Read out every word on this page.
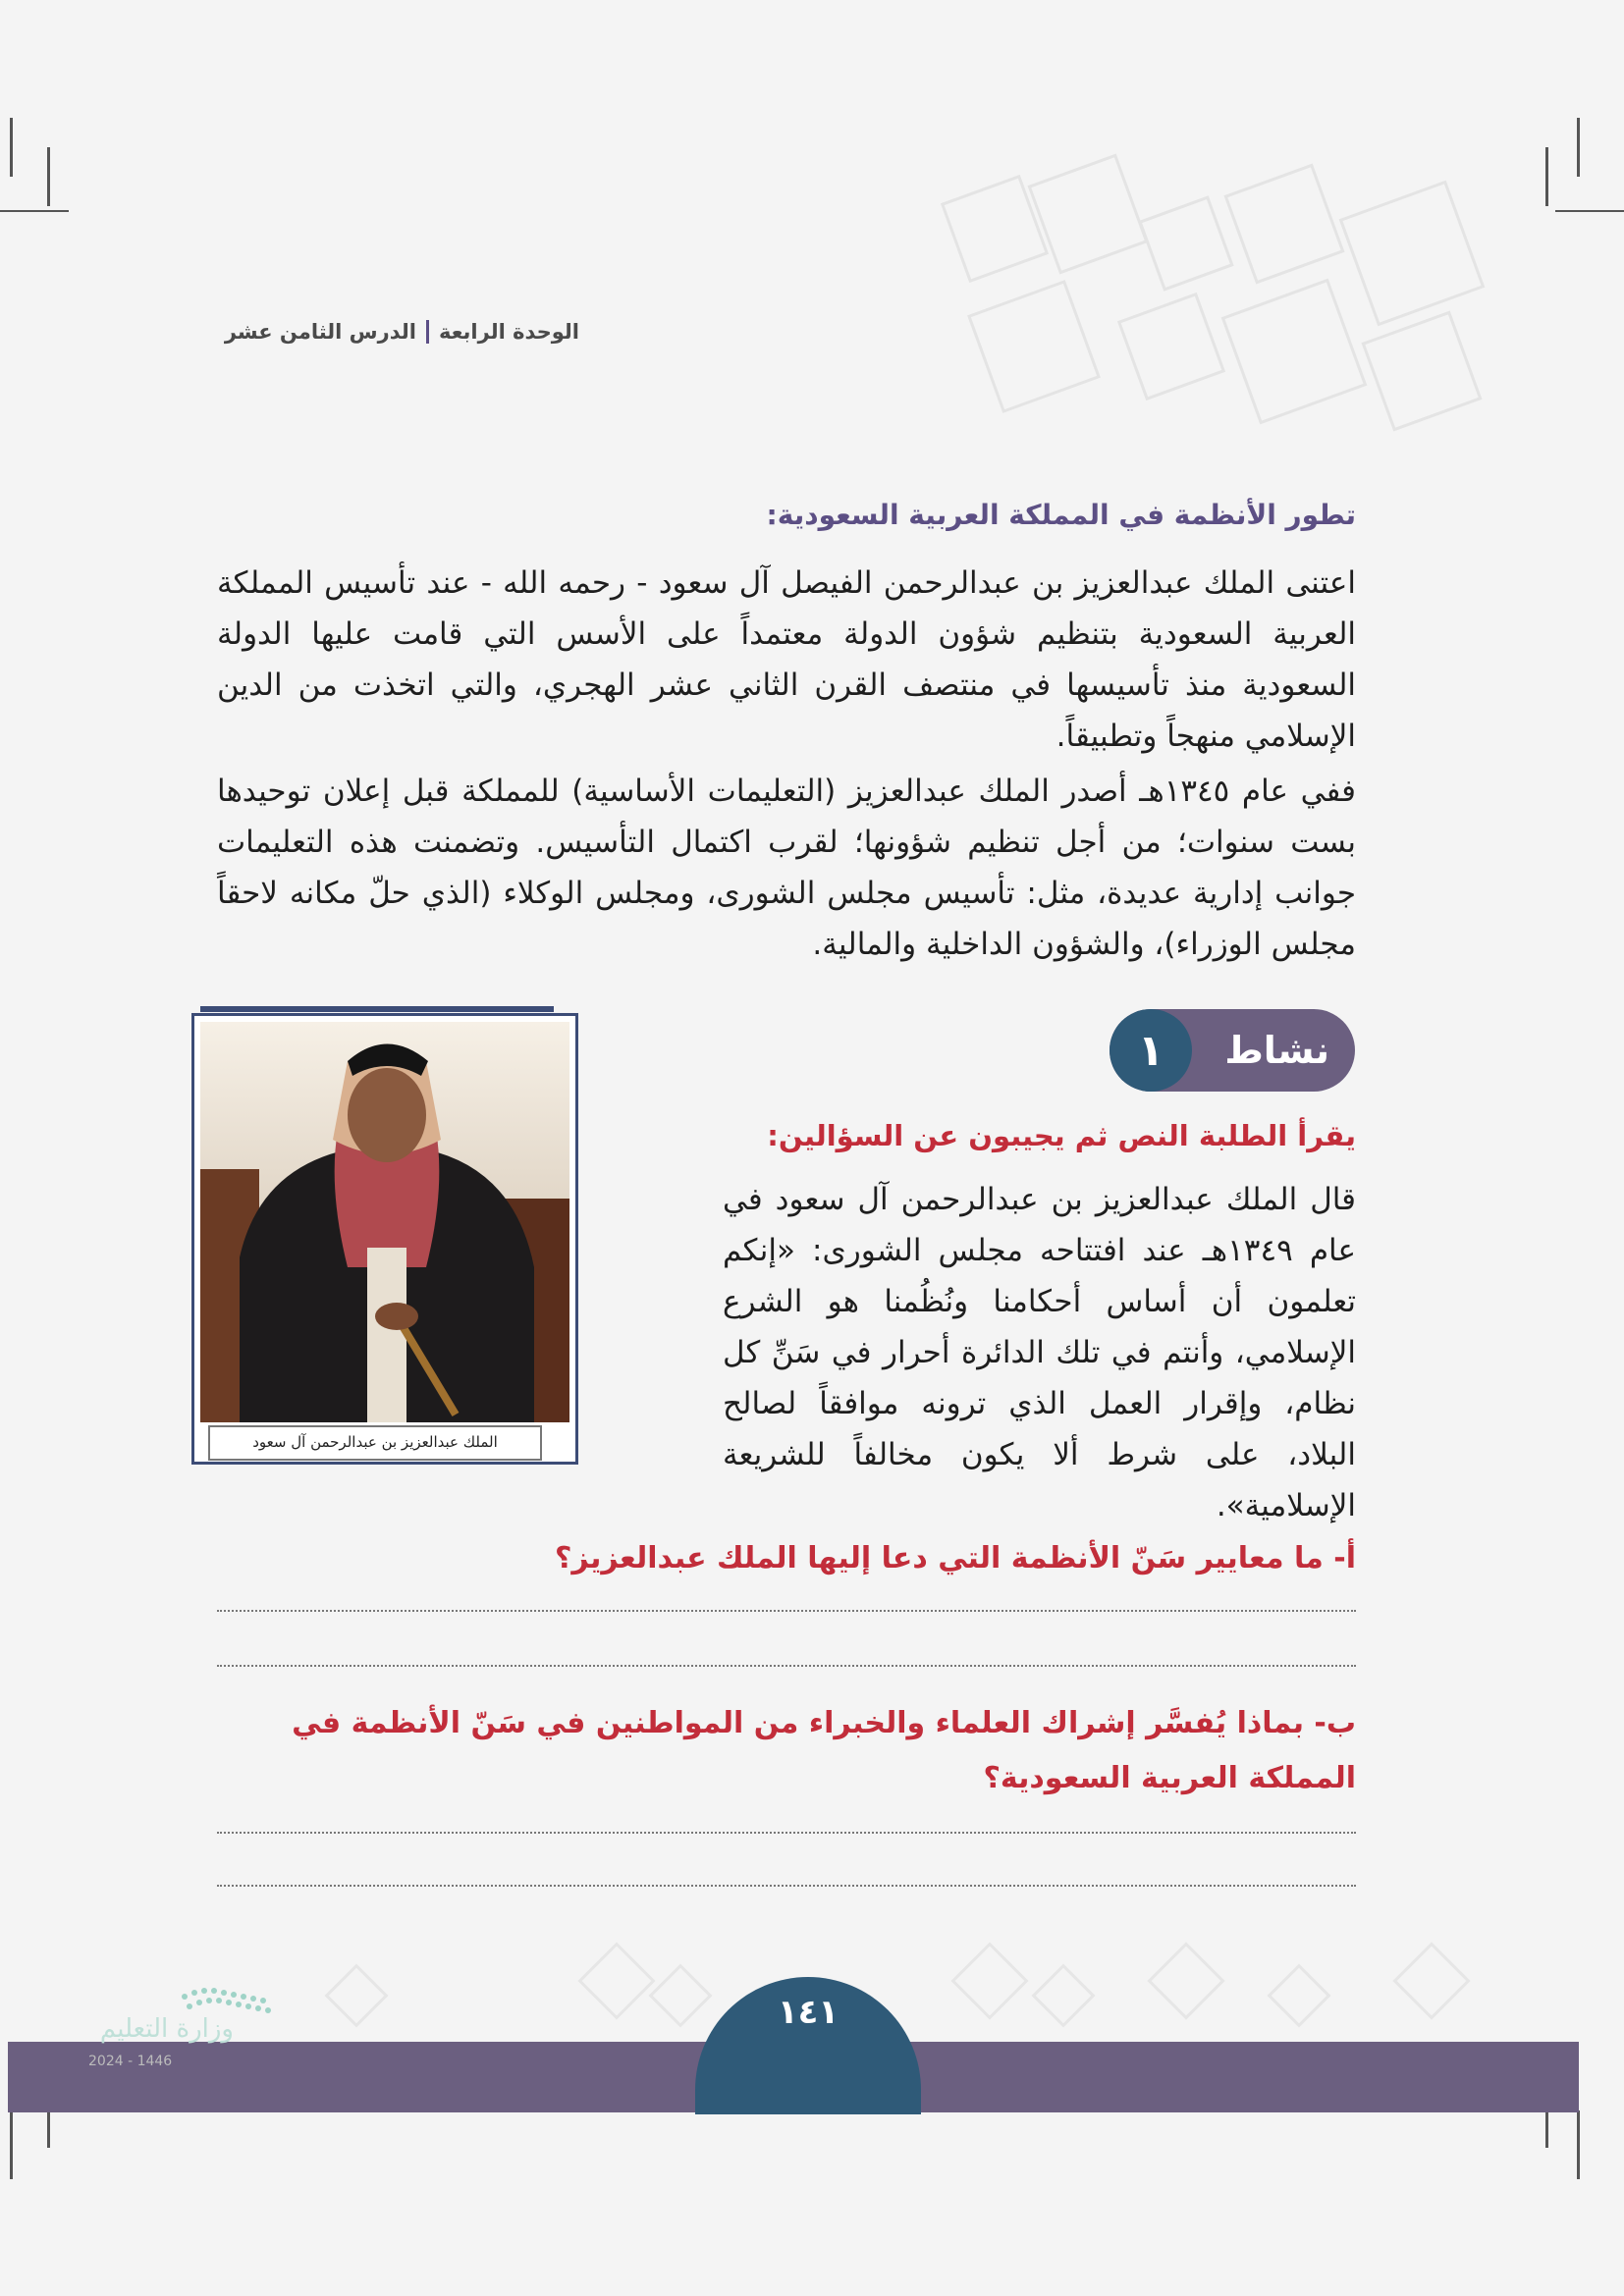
الوحدة الرابعة
الدرس الثامن عشر
تطور الأنظمة في المملكة العربية السعودية:
اعتنى الملك عبدالعزيز بن عبدالرحمن الفيصل آل سعود - رحمه الله - عند تأسيس المملكة العربية السعودية بتنظيم شؤون الدولة معتمداً على الأسس التي قامت عليها الدولة السعودية منذ تأسيسها في منتصف القرن الثاني عشر الهجري، والتي اتخذت من الدين الإسلامي منهجاً وتطبيقاً.
ففي عام ١٣٤٥هـ أصدر الملك عبدالعزيز (التعليمات الأساسية) للمملكة قبل إعلان توحيدها بست سنوات؛ من أجل تنظيم شؤونها؛ لقرب اكتمال التأسيس. وتضمنت هذه التعليمات جوانب إدارية عديدة، مثل: تأسيس مجلس الشورى، ومجلس الوكلاء (الذي حلّ مكانه لاحقاً مجلس الوزراء)، والشؤون الداخلية والمالية.
١	نشاط
يقرأ الطلبة النص ثم يجيبون عن السؤالين:
قال الملك عبدالعزيز بن عبدالرحمن آل سعود في عام ١٣٤٩هـ عند افتتاحه مجلس الشورى: «إنكم تعلمون أن أساس أحكامنا ونُظُمنا هو الشرع الإسلامي، وأنتم في تلك الدائرة أحرار في سَنِّ كل نظام، وإقرار العمل الذي ترونه موافقاً لصالح البلاد، على شرط ألا يكون مخالفاً للشريعة الإسلامية».
الملك عبدالعزيز بن عبدالرحمن آل سعود
أ- ما معايير سَنّ الأنظمة التي دعا إليها الملك عبدالعزيز؟
ب- بماذا يُفسَّر إشراك العلماء والخبراء من المواطنين في سَنّ الأنظمة في المملكة العربية السعودية؟
١٤١
وزارة التعليم
2024 - 1446
